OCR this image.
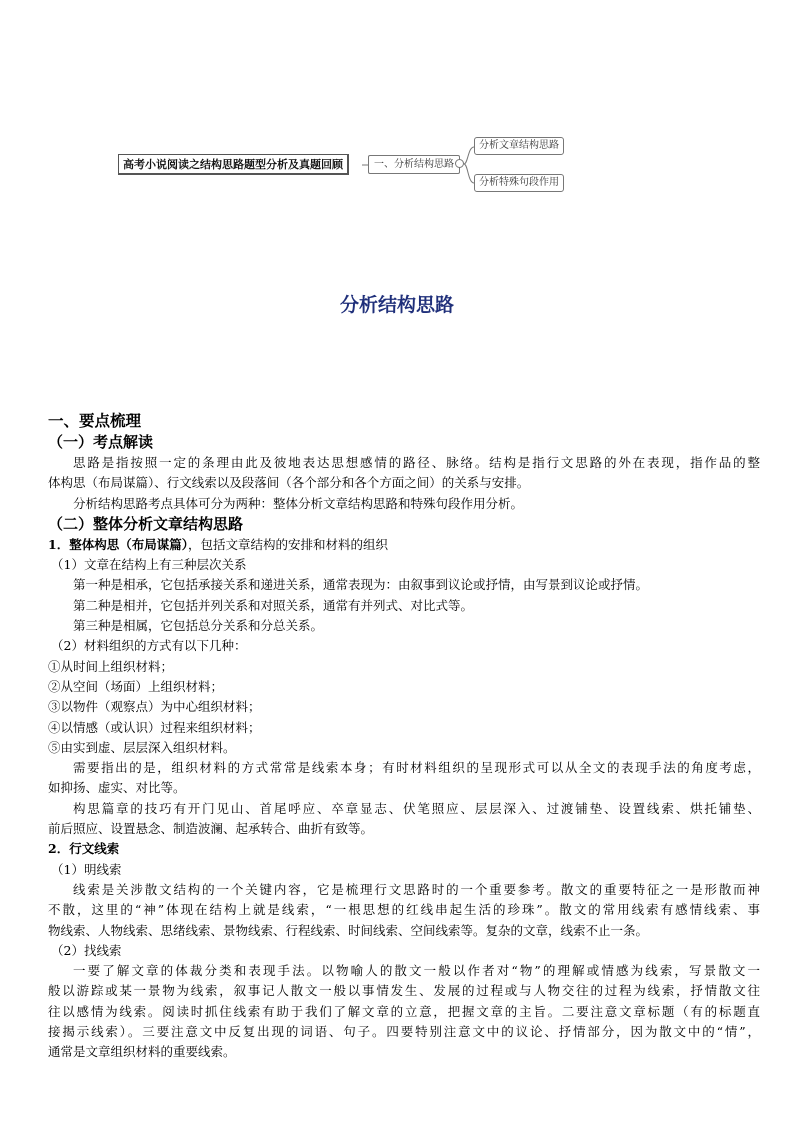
高考小说阅读之结构思路题型分析及真题回顾	一、分析结构思路
分析文章结构思路
分析特殊句段作用
分析结构思路
一、要点梳理
（一）考点解读
思路是指按照一定的条理由此及彼地表达思想感情的路径、脉络。结构是指行文思路的外在表现，指作品的整
体构思（布局谋篇）、行文线索以及段落间（各个部分和各个方面之间）的关系与安排。
分析结构思路考点具体可分为两种：整体分析文章结构思路和特殊句段作用分析。
（二）整体分析文章结构思路
1．整体构思（布局谋篇），包括文章结构的安排和材料的组织
（1）文章在结构上有三种层次关系
第一种是相承，它包括承接关系和递进关系，通常表现为：由叙事到议论或抒情，由写景到议论或抒情。
第二种是相并，它包括并列关系和对照关系，通常有并列式、对比式等。
第三种是相属，它包括总分关系和分总关系。
（2）材料组织的方式有以下几种：
①从时间上组织材料；
②从空间（场面）上组织材料；
③以物件（观察点）为中心组织材料；
④以情感（或认识）过程来组织材料；
⑤由实到虚、层层深入组织材料。
需要指出的是，组织材料的方式常常是线索本身；有时材料组织的呈现形式可以从全文的表现手法的角度考虑，
如抑扬、虚实、对比等。
构思篇章的技巧有开门见山、首尾呼应、卒章显志、伏笔照应、层层深入、过渡铺垫、设置线索、烘托铺垫、
前后照应、设置悬念、制造波澜、起承转合、曲折有致等。
2．行文线索
（1）明线索
线索是关涉散文结构的一个关键内容，它是梳理行文思路时的一个重要参考。散文的重要特征之一是形散而神
不散，这里的“神”体现在结构上就是线索，“一根思想的红线串起生活的珍珠”。散文的常用线索有感情线索、事
物线索、人物线索、思绪线索、景物线索、行程线索、时间线索、空间线索等。复杂的文章，线索不止一条。
（2）找线索
一要了解文章的体裁分类和表现手法。以物喻人的散文一般以作者对“物”的理解或情感为线索，写景散文一
般以游踪或某一景物为线索，叙事记人散文一般以事情发生、发展的过程或与人物交往的过程为线索，抒情散文往
往以感情为线索。阅读时抓住线索有助于我们了解文章的立意，把握文章的主旨。二要注意文章标题（有的标题直
接揭示线索）。三要注意文中反复出现的词语、句子。四要特别注意文中的议论、抒情部分，因为散文中的“情”，
通常是文章组织材料的重要线索。
